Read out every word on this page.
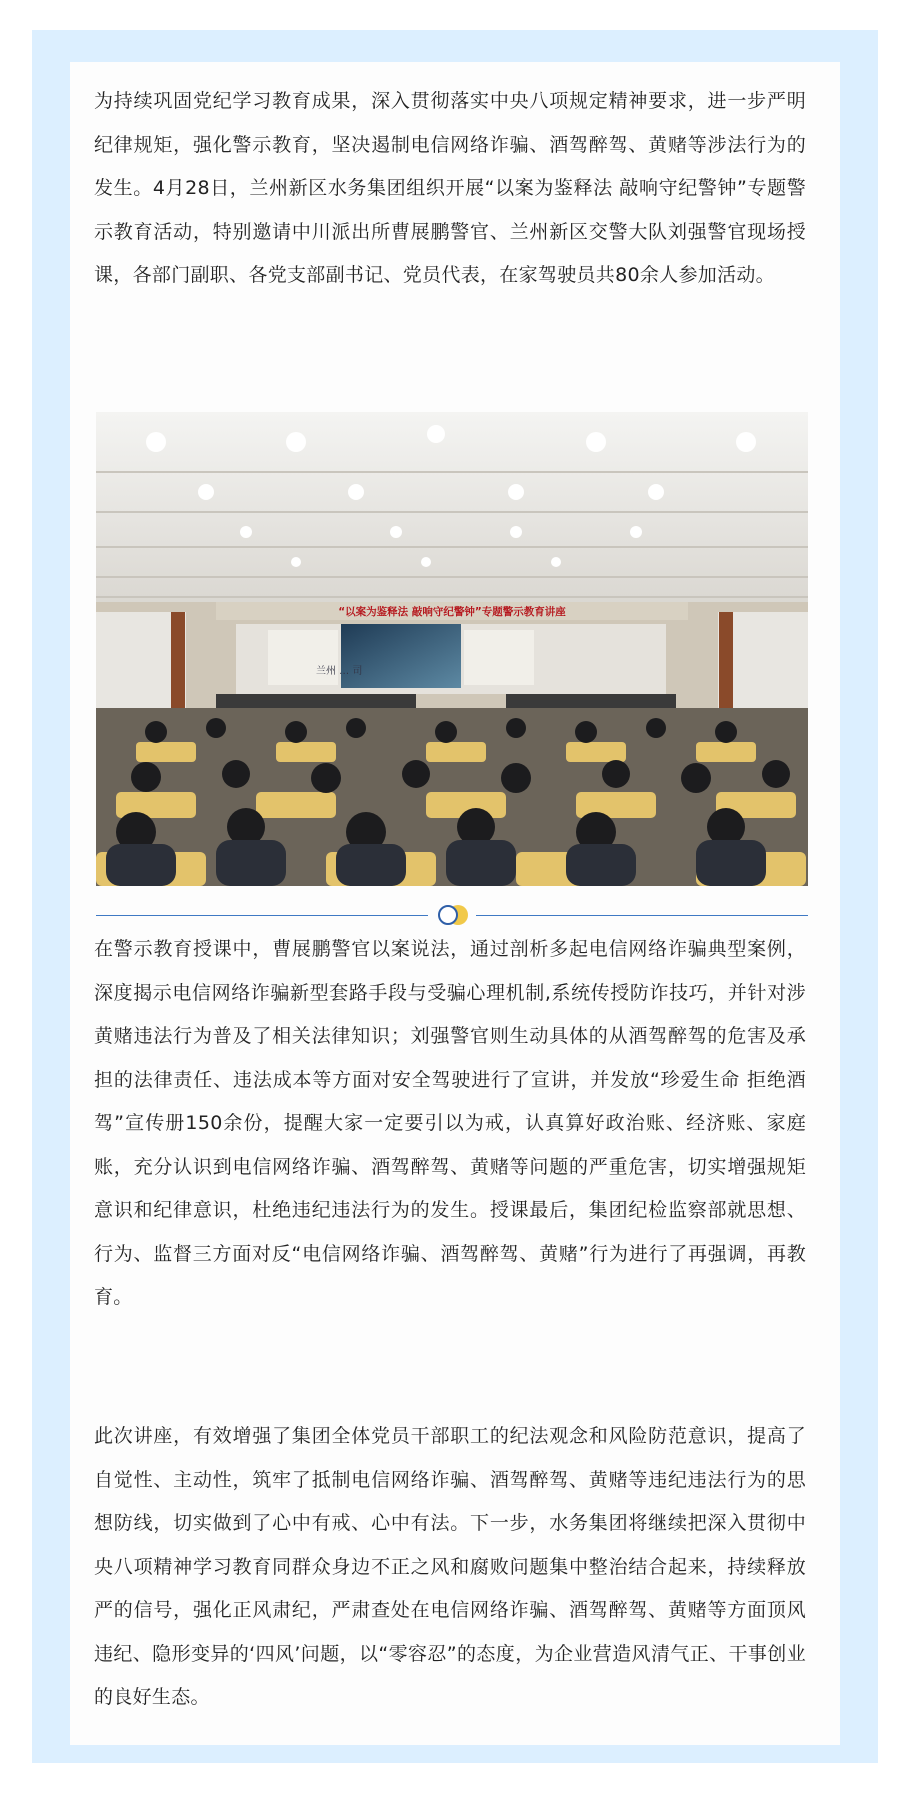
为持续巩固党纪学习教育成果，深入贯彻落实中央八项规定精神要求，进一步严明纪律规矩，强化警示教育，坚决遏制电信网络诈骗、酒驾醉驾、黄赌等涉法行为的发生。4月28日，兰州新区水务集团组织开展“以案为鉴释法 敲响守纪警钟”专题警示教育活动，特别邀请中川派出所曹展鹏警官、兰州新区交警大队刘强警官现场授课，各部门副职、各党支部副书记、党员代表，在家驾驶员共80余人参加活动。

“以案为鉴释法 敲响守纪警钟”专题警示教育讲座
兰州 … 司

在警示教育授课中，曹展鹏警官以案说法，通过剖析多起电信网络诈骗典型案例，深度揭示电信网络诈骗新型套路手段与受骗心理机制,系统传授防诈技巧，并针对涉黄赌违法行为普及了相关法律知识；刘强警官则生动具体的从酒驾醉驾的危害及承担的法律责任、违法成本等方面对安全驾驶进行了宣讲，并发放“珍爱生命 拒绝酒驾”宣传册150余份，提醒大家一定要引以为戒，认真算好政治账、经济账、家庭账，充分认识到电信网络诈骗、酒驾醉驾、黄赌等问题的严重危害，切实增强规矩意识和纪律意识，杜绝违纪违法行为的发生。授课最后，集团纪检监察部就思想、行为、监督三方面对反“电信网络诈骗、酒驾醉驾、黄赌”行为进行了再强调，再教育。

此次讲座，有效增强了集团全体党员干部职工的纪法观念和风险防范意识，提高了自觉性、主动性，筑牢了抵制电信网络诈骗、酒驾醉驾、黄赌等违纪违法行为的思想防线，切实做到了心中有戒、心中有法。下一步，水务集团将继续把深入贯彻中央八项精神学习教育同群众身边不正之风和腐败问题集中整治结合起来，持续释放严的信号，强化正风肃纪，严肃查处在电信网络诈骗、酒驾醉驾、黄赌等方面顶风违纪、隐形变异的‘四风’问题，以“零容忍”的态度，为企业营造风清气正、干事创业的良好生态。
